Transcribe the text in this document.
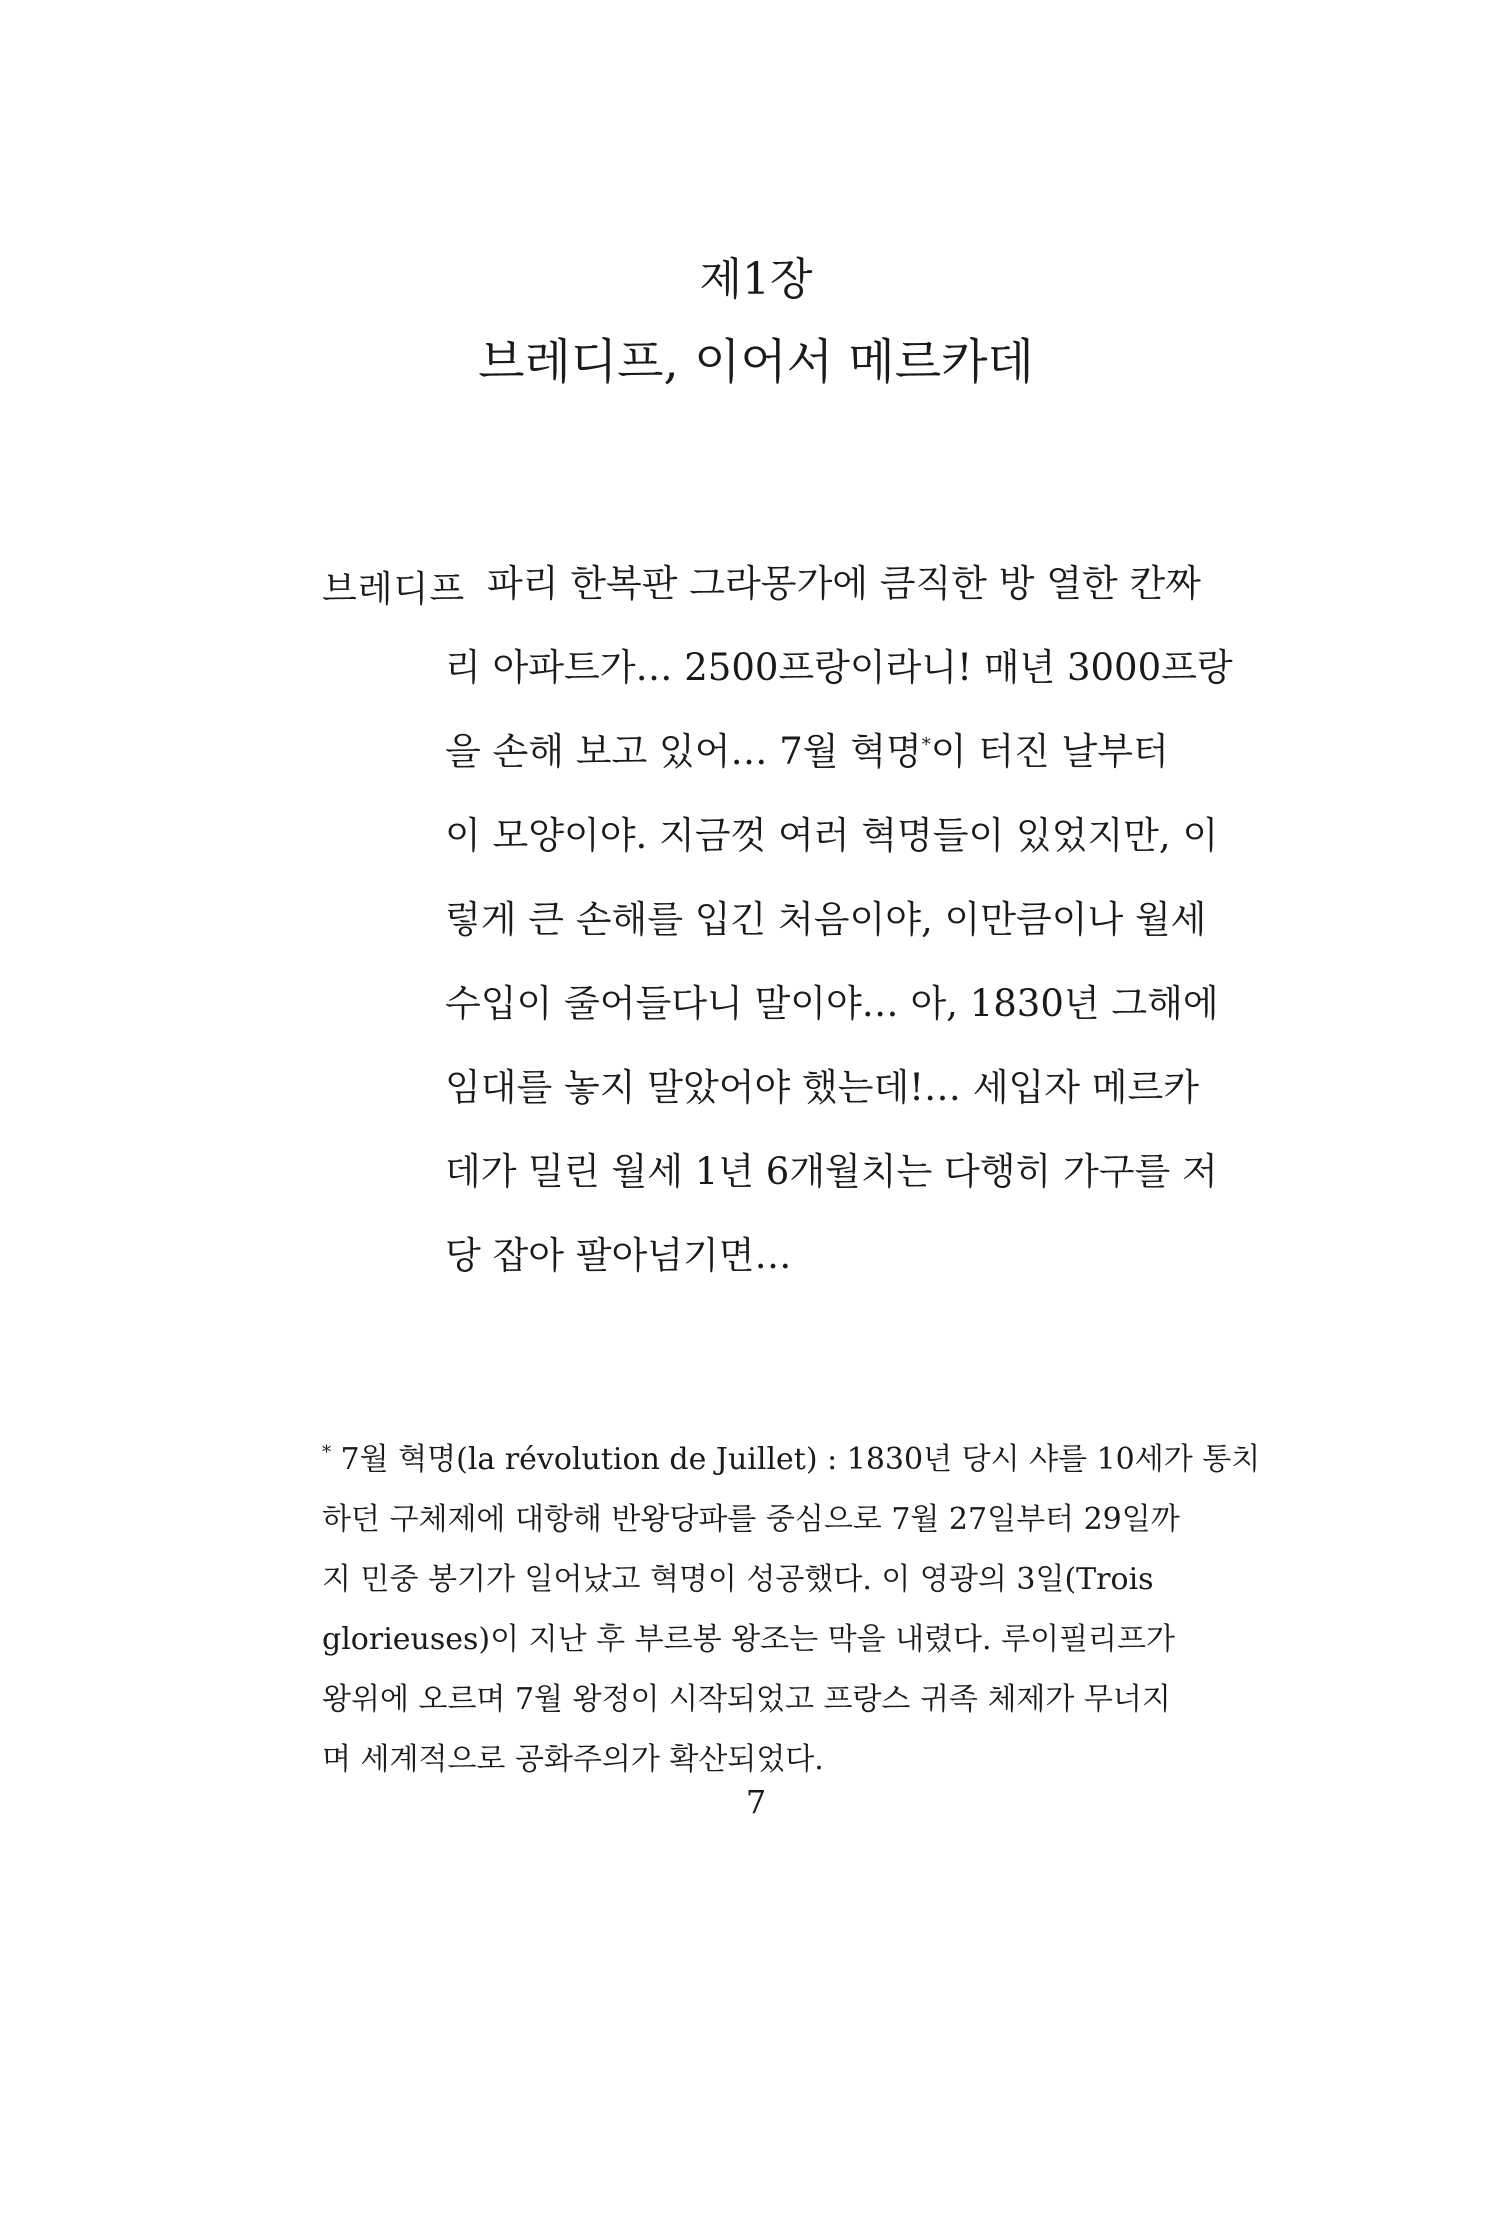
제1장
브레디프, 이어서 메르카데
브레디프 파리 한복판 그라몽가에 큼직한 방 열한 칸짜
리 아파트가… 2500프랑이라니! 매년 3000프랑
을 손해 보고 있어… 7월 혁명*이 터진 날부터
이 모양이야. 지금껏 여러 혁명들이 있었지만, 이
렇게 큰 손해를 입긴 처음이야, 이만큼이나 월세
수입이 줄어들다니 말이야… 아, 1830년 그해에
임대를 놓지 말았어야 했는데!… 세입자 메르카
데가 밀린 월세 1년 6개월치는 다행히 가구를 저
당 잡아 팔아넘기면…
* 7월 혁명(la révolution de Juillet) : 1830년 당시 샤를 10세가 통치
하던 구체제에 대항해 반왕당파를 중심으로 7월 27일부터 29일까
지 민중 봉기가 일어났고 혁명이 성공했다. 이 영광의 3일(Trois
glorieuses)이 지난 후 부르봉 왕조는 막을 내렸다. 루이필리프가
왕위에 오르며 7월 왕정이 시작되었고 프랑스 귀족 체제가 무너지
며 세계적으로 공화주의가 확산되었다.
7
